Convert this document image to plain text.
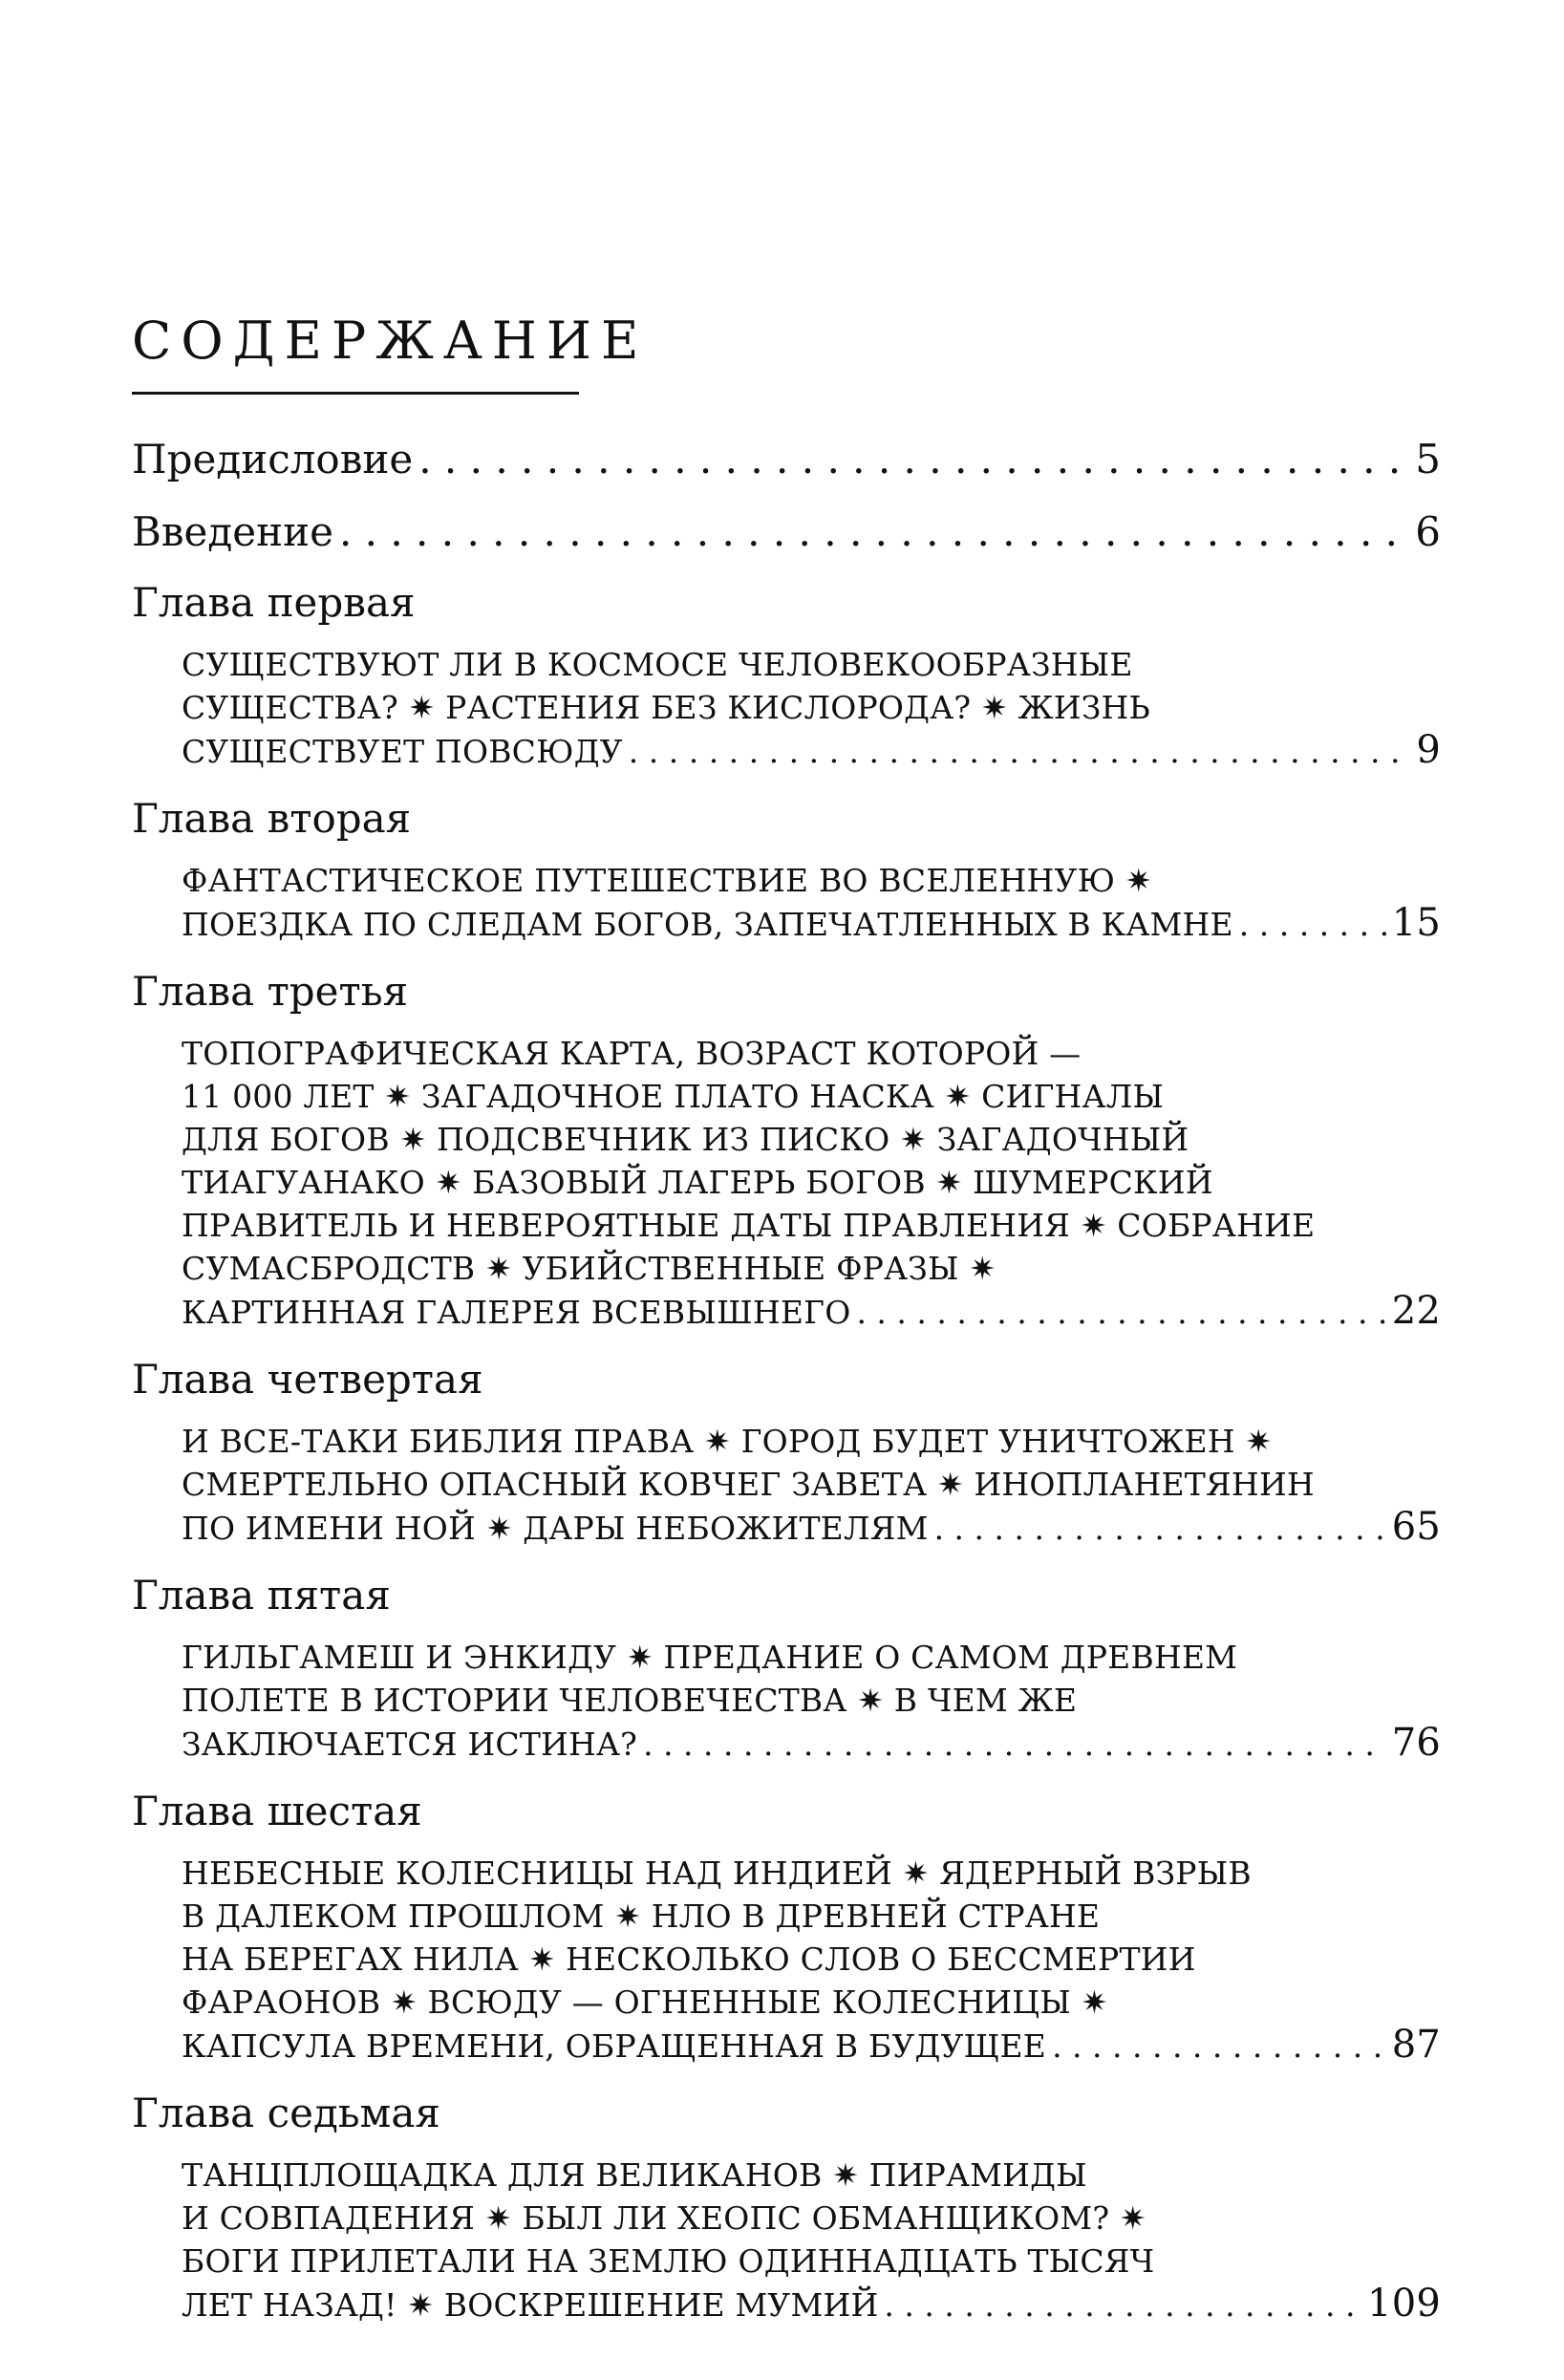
СОДЕРЖАНИЕ
Предисловие . . .	5
Введение . . .	6
Глава первая
СУЩЕСТВУЮТ ЛИ В КОСМОСЕ ЧЕЛОВЕКООБРАЗНЫЕ
СУЩЕСТВА? ✷ РАСТЕНИЯ БЕЗ КИСЛОРОДА? ✷ ЖИЗНЬ
СУЩЕСТВУЕТ ПОВСЮДУ . . .	9
Глава вторая
ФАНТАСТИЧЕСКОЕ ПУТЕШЕСТВИЕ ВО ВСЕЛЕННУЮ ✷
ПОЕЗДКА ПО СЛЕДАМ БОГОВ, ЗАПЕЧАТЛЕННЫХ В КАМНЕ . . .	15
Глава третья
ТОПОГРАФИЧЕСКАЯ КАРТА, ВОЗРАСТ КОТОРОЙ —
11 000 ЛЕТ ✷ ЗАГАДОЧНОЕ ПЛАТО НАСКА ✷ СИГНАЛЫ
ДЛЯ БОГОВ ✷ ПОДСВЕЧНИК ИЗ ПИСКО ✷ ЗАГАДОЧНЫЙ
ТИАГУАНАКО ✷ БАЗОВЫЙ ЛАГЕРЬ БОГОВ ✷ ШУМЕРСКИЙ
ПРАВИТЕЛЬ И НЕВЕРОЯТНЫЕ ДАТЫ ПРАВЛЕНИЯ ✷ СОБРАНИЕ
СУМАСБРОДСТВ ✷ УБИЙСТВЕННЫЕ ФРАЗЫ ✷
КАРТИННАЯ ГАЛЕРЕЯ ВСЕВЫШНЕГО . . .	22
Глава четвертая
И ВСЕ-ТАКИ БИБЛИЯ ПРАВА ✷ ГОРОД БУДЕТ УНИЧТОЖЕН ✷
СМЕРТЕЛЬНО ОПАСНЫЙ КОВЧЕГ ЗАВЕТА ✷ ИНОПЛАНЕТЯНИН
ПО ИМЕНИ НОЙ ✷ ДАРЫ НЕБОЖИТЕЛЯМ . . .	65
Глава пятая
ГИЛЬГАМЕШ И ЭНКИДУ ✷ ПРЕДАНИЕ О САМОМ ДРЕВНЕМ
ПОЛЕТЕ В ИСТОРИИ ЧЕЛОВЕЧЕСТВА ✷ В ЧЕМ ЖЕ
ЗАКЛЮЧАЕТСЯ ИСТИНА? . . .	76
Глава шестая
НЕБЕСНЫЕ КОЛЕСНИЦЫ НАД ИНДИЕЙ ✷ ЯДЕРНЫЙ ВЗРЫВ
В ДАЛЕКОМ ПРОШЛОМ ✷ НЛО В ДРЕВНЕЙ СТРАНЕ
НА БЕРЕГАХ НИЛА ✷ НЕСКОЛЬКО СЛОВ О БЕССМЕРТИИ
ФАРАОНОВ ✷ ВСЮДУ — ОГНЕННЫЕ КОЛЕСНИЦЫ ✷
КАПСУЛА ВРЕМЕНИ, ОБРАЩЕННАЯ В БУДУЩЕЕ . . .	87
Глава седьмая
ТАНЦПЛОЩАДКА ДЛЯ ВЕЛИКАНОВ ✷ ПИРАМИДЫ
И СОВПАДЕНИЯ ✷ БЫЛ ЛИ ХЕОПС ОБМАНЩИКОМ? ✷
БОГИ ПРИЛЕТАЛИ НА ЗЕМЛЮ ОДИННАДЦАТЬ ТЫСЯЧ
ЛЕТ НАЗАД! ✷ ВОСКРЕШЕНИЕ МУМИЙ . . .	109
